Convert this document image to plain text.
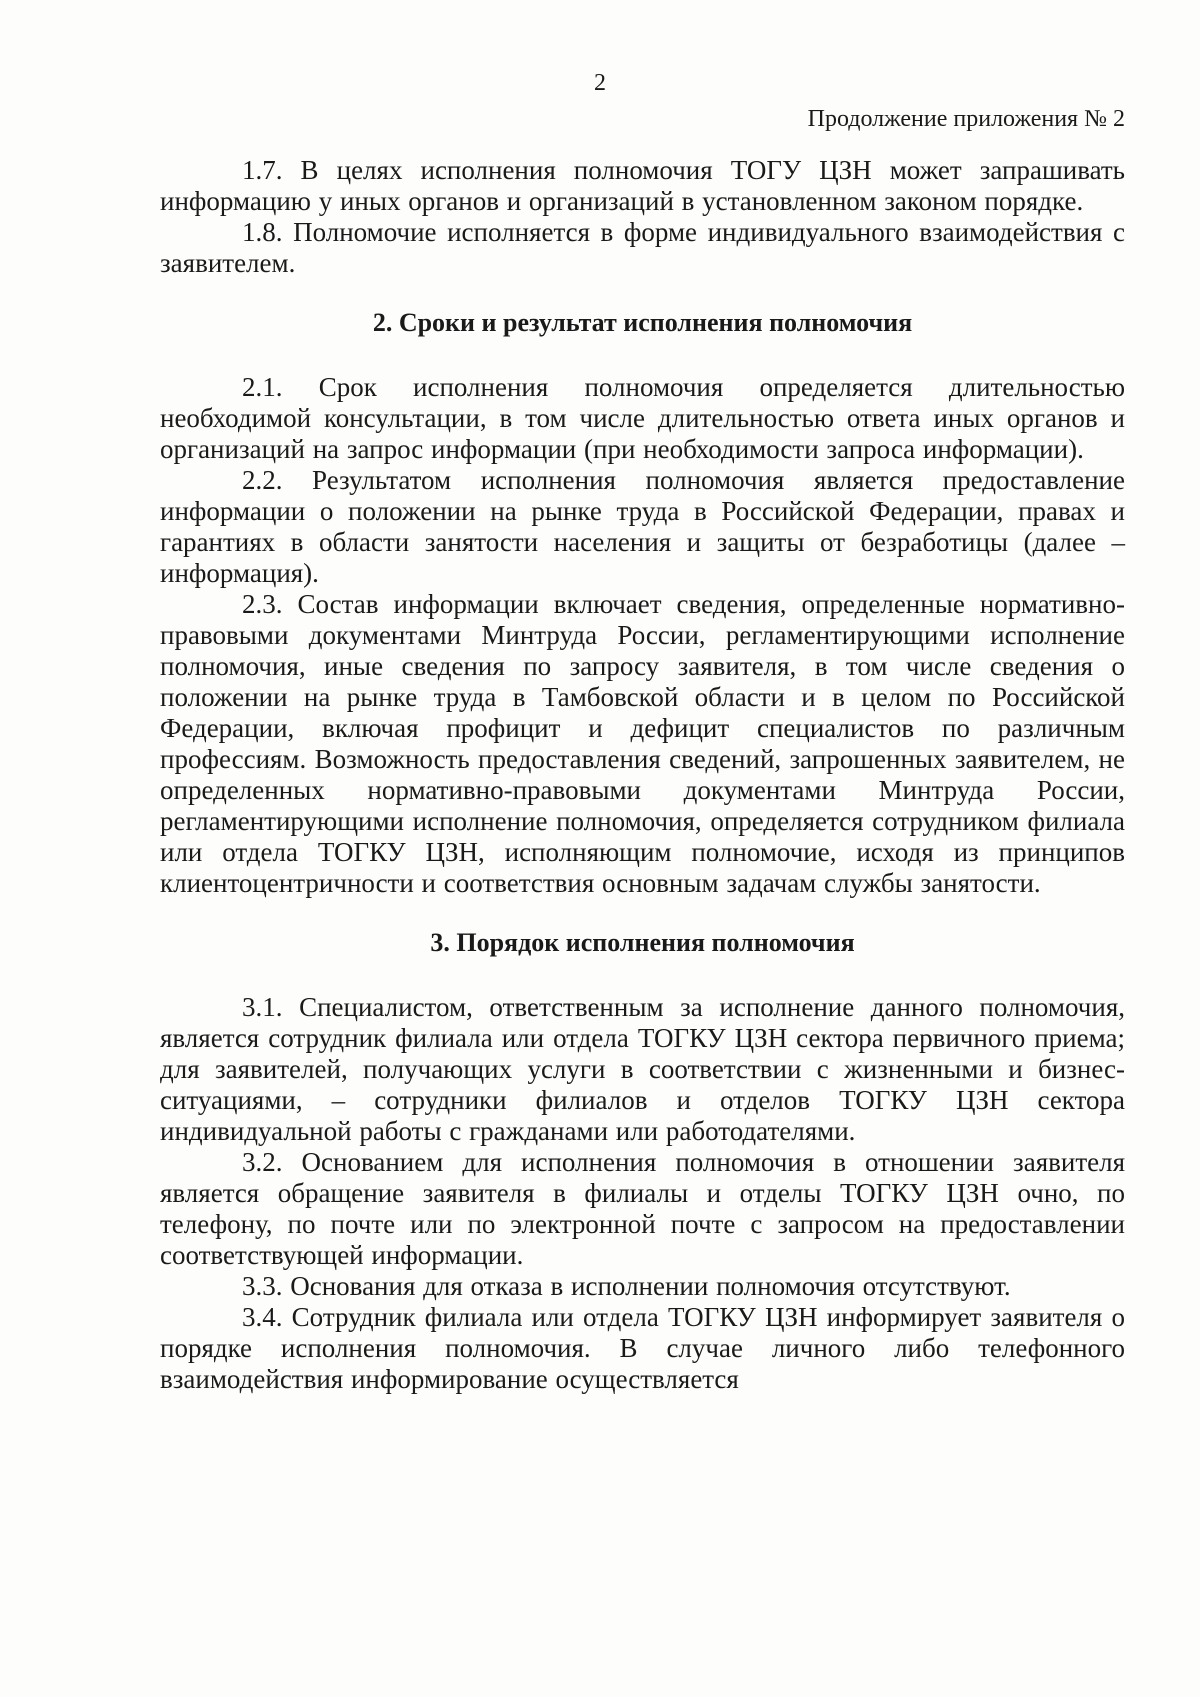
2
Продолжение приложения № 2

1.7. В целях исполнения полномочия ТОГУ ЦЗН может запрашивать информацию у иных органов и организаций в установленном законом порядке.

1.8. Полномочие исполняется в форме индивидуального взаимодействия с заявителем.

2. Сроки и результат исполнения полномочия

2.1. Срок исполнения полномочия определяется длительностью необходимой консультации, в том числе длительностью ответа иных органов и организаций на запрос информации (при необходимости запроса информации).

2.2. Результатом исполнения полномочия является предоставление информации о положении на рынке труда в Российской Федерации, правах и гарантиях в области занятости населения и защиты от безработицы (далее – информация).

2.3. Состав информации включает сведения, определенные нормативно-правовыми документами Минтруда России, регламентирующими исполнение полномочия, иные сведения по запросу заявителя, в том числе сведения о положении на рынке труда в Тамбовской области и в целом по Российской Федерации, включая профицит и дефицит специалистов по различным профессиям. Возможность предоставления сведений, запрошенных заявителем, не определенных нормативно-правовыми документами Минтруда России, регламентирующими исполнение полномочия, определяется сотрудником филиала или отдела ТОГКУ ЦЗН, исполняющим полномочие, исходя из принципов клиентоцентричности и соответствия основным задачам службы занятости.

3. Порядок исполнения полномочия

3.1. Специалистом, ответственным за исполнение данного полномочия, является сотрудник филиала или отдела ТОГКУ ЦЗН сектора первичного приема; для заявителей, получающих услуги в соответствии с жизненными и бизнес-ситуациями, – сотрудники филиалов и отделов ТОГКУ ЦЗН сектора индивидуальной работы с гражданами или работодателями.

3.2. Основанием для исполнения полномочия в отношении заявителя является обращение заявителя в филиалы и отделы ТОГКУ ЦЗН очно, по телефону, по почте или по электронной почте с запросом на предоставлении соответствующей информации.

3.3. Основания для отказа в исполнении полномочия отсутствуют.

3.4. Сотрудник филиала или отдела ТОГКУ ЦЗН информирует заявителя о порядке исполнения полномочия. В случае личного либо телефонного взаимодействия информирование осуществляется
